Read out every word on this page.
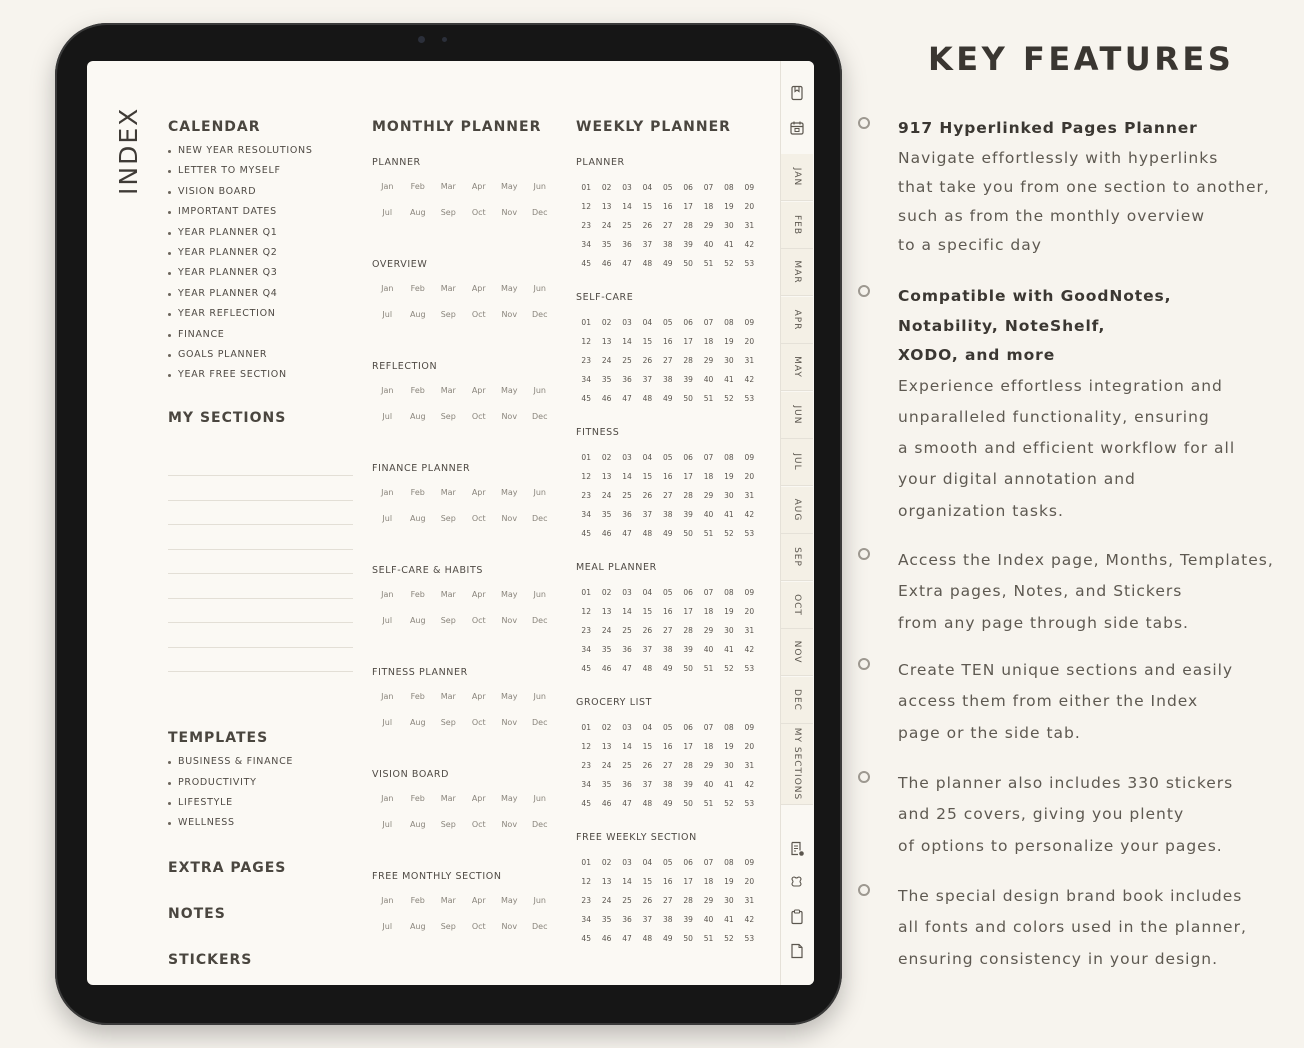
INDEX CALENDAR
NEW YEAR RESOLUTIONS
LETTER TO MYSELF
VISION BOARD
IMPORTANT DATES
YEAR PLANNER Q1
YEAR PLANNER Q2
YEAR PLANNER Q3
YEAR PLANNER Q4
YEAR REFLECTION
FINANCE
GOALS PLANNER
YEAR FREE SECTION
MY SECTIONS
TEMPLATES
BUSINESS & FINANCE
PRODUCTIVITY
LIFESTYLE
WELLNESS
EXTRA PAGES
NOTES
STICKERS
MONTHLY PLANNER
PLANNER
Jan	Feb	Mar	Apr	May	Jun
Jul	Aug	Sep	Oct	Nov	Dec
OVERVIEW
Jan	Feb	Mar	Apr	May	Jun
Jul	Aug	Sep	Oct	Nov	Dec
REFLECTION
Jan	Feb	Mar	Apr	May	Jun
Jul	Aug	Sep	Oct	Nov	Dec
FINANCE PLANNER
Jan	Feb	Mar	Apr	May	Jun
Jul	Aug	Sep	Oct	Nov	Dec
SELF-CARE & HABITS
Jan	Feb	Mar	Apr	May	Jun
Jul	Aug	Sep	Oct	Nov	Dec
FITNESS PLANNER
Jan	Feb	Mar	Apr	May	Jun
Jul	Aug	Sep	Oct	Nov	Dec
VISION BOARD
Jan	Feb	Mar	Apr	May	Jun
Jul	Aug	Sep	Oct	Nov	Dec
FREE MONTHLY SECTION
Jan	Feb	Mar	Apr	May	Jun
Jul	Aug	Sep	Oct	Nov	Dec
WEEKLY PLANNER
PLANNER
01	02	03	04	05	06	07	08	09
12	13	14	15	16	17	18	19	20
23	24	25	26	27	28	29	30	31
34	35	36	37	38	39	40	41	42
45	46	47	48	49	50	51	52	53
SELF-CARE
01	02	03	04	05	06	07	08	09
12	13	14	15	16	17	18	19	20
23	24	25	26	27	28	29	30	31
34	35	36	37	38	39	40	41	42
45	46	47	48	49	50	51	52	53
FITNESS
01	02	03	04	05	06	07	08	09
12	13	14	15	16	17	18	19	20
23	24	25	26	27	28	29	30	31
34	35	36	37	38	39	40	41	42
45	46	47	48	49	50	51	52	53
MEAL PLANNER
01	02	03	04	05	06	07	08	09
12	13	14	15	16	17	18	19	20
23	24	25	26	27	28	29	30	31
34	35	36	37	38	39	40	41	42
45	46	47	48	49	50	51	52	53
GROCERY LIST
01	02	03	04	05	06	07	08	09
12	13	14	15	16	17	18	19	20
23	24	25	26	27	28	29	30	31
34	35	36	37	38	39	40	41	42
45	46	47	48	49	50	51	52	53
FREE WEEKLY SECTION
01	02	03	04	05	06	07	08	09
12	13	14	15	16	17	18	19	20
23	24	25	26	27	28	29	30	31
34	35	36	37	38	39	40	41	42
45	46	47	48	49	50	51	52	53
JAN
FEB
MAR
APR
MAY
JUN
JUL
AUG
SEP
OCT
NOV
DEC
MY SECTIONS
KEY FEATURES

917 Hyperlinked Pages Planner

Navigate effortlessly with hyperlinks

that take you from one section to another,

such as from the monthly overview

to a specific day

Compatible with GoodNotes,

Notability, NoteShelf,

XODO, and more

Experience effortless integration and

unparalleled functionality, ensuring

a smooth and efficient workflow for all

your digital annotation and

organization tasks.

Access the Index page, Months, Templates,

Extra pages, Notes, and Stickers

from any page through side tabs.

Create TEN unique sections and easily

access them from either the Index

page or the side tab.

The planner also includes 330 stickers

and 25 covers, giving you plenty

of options to personalize your pages.

The special design brand book includes

all fonts and colors used in the planner,

ensuring consistency in your design.
